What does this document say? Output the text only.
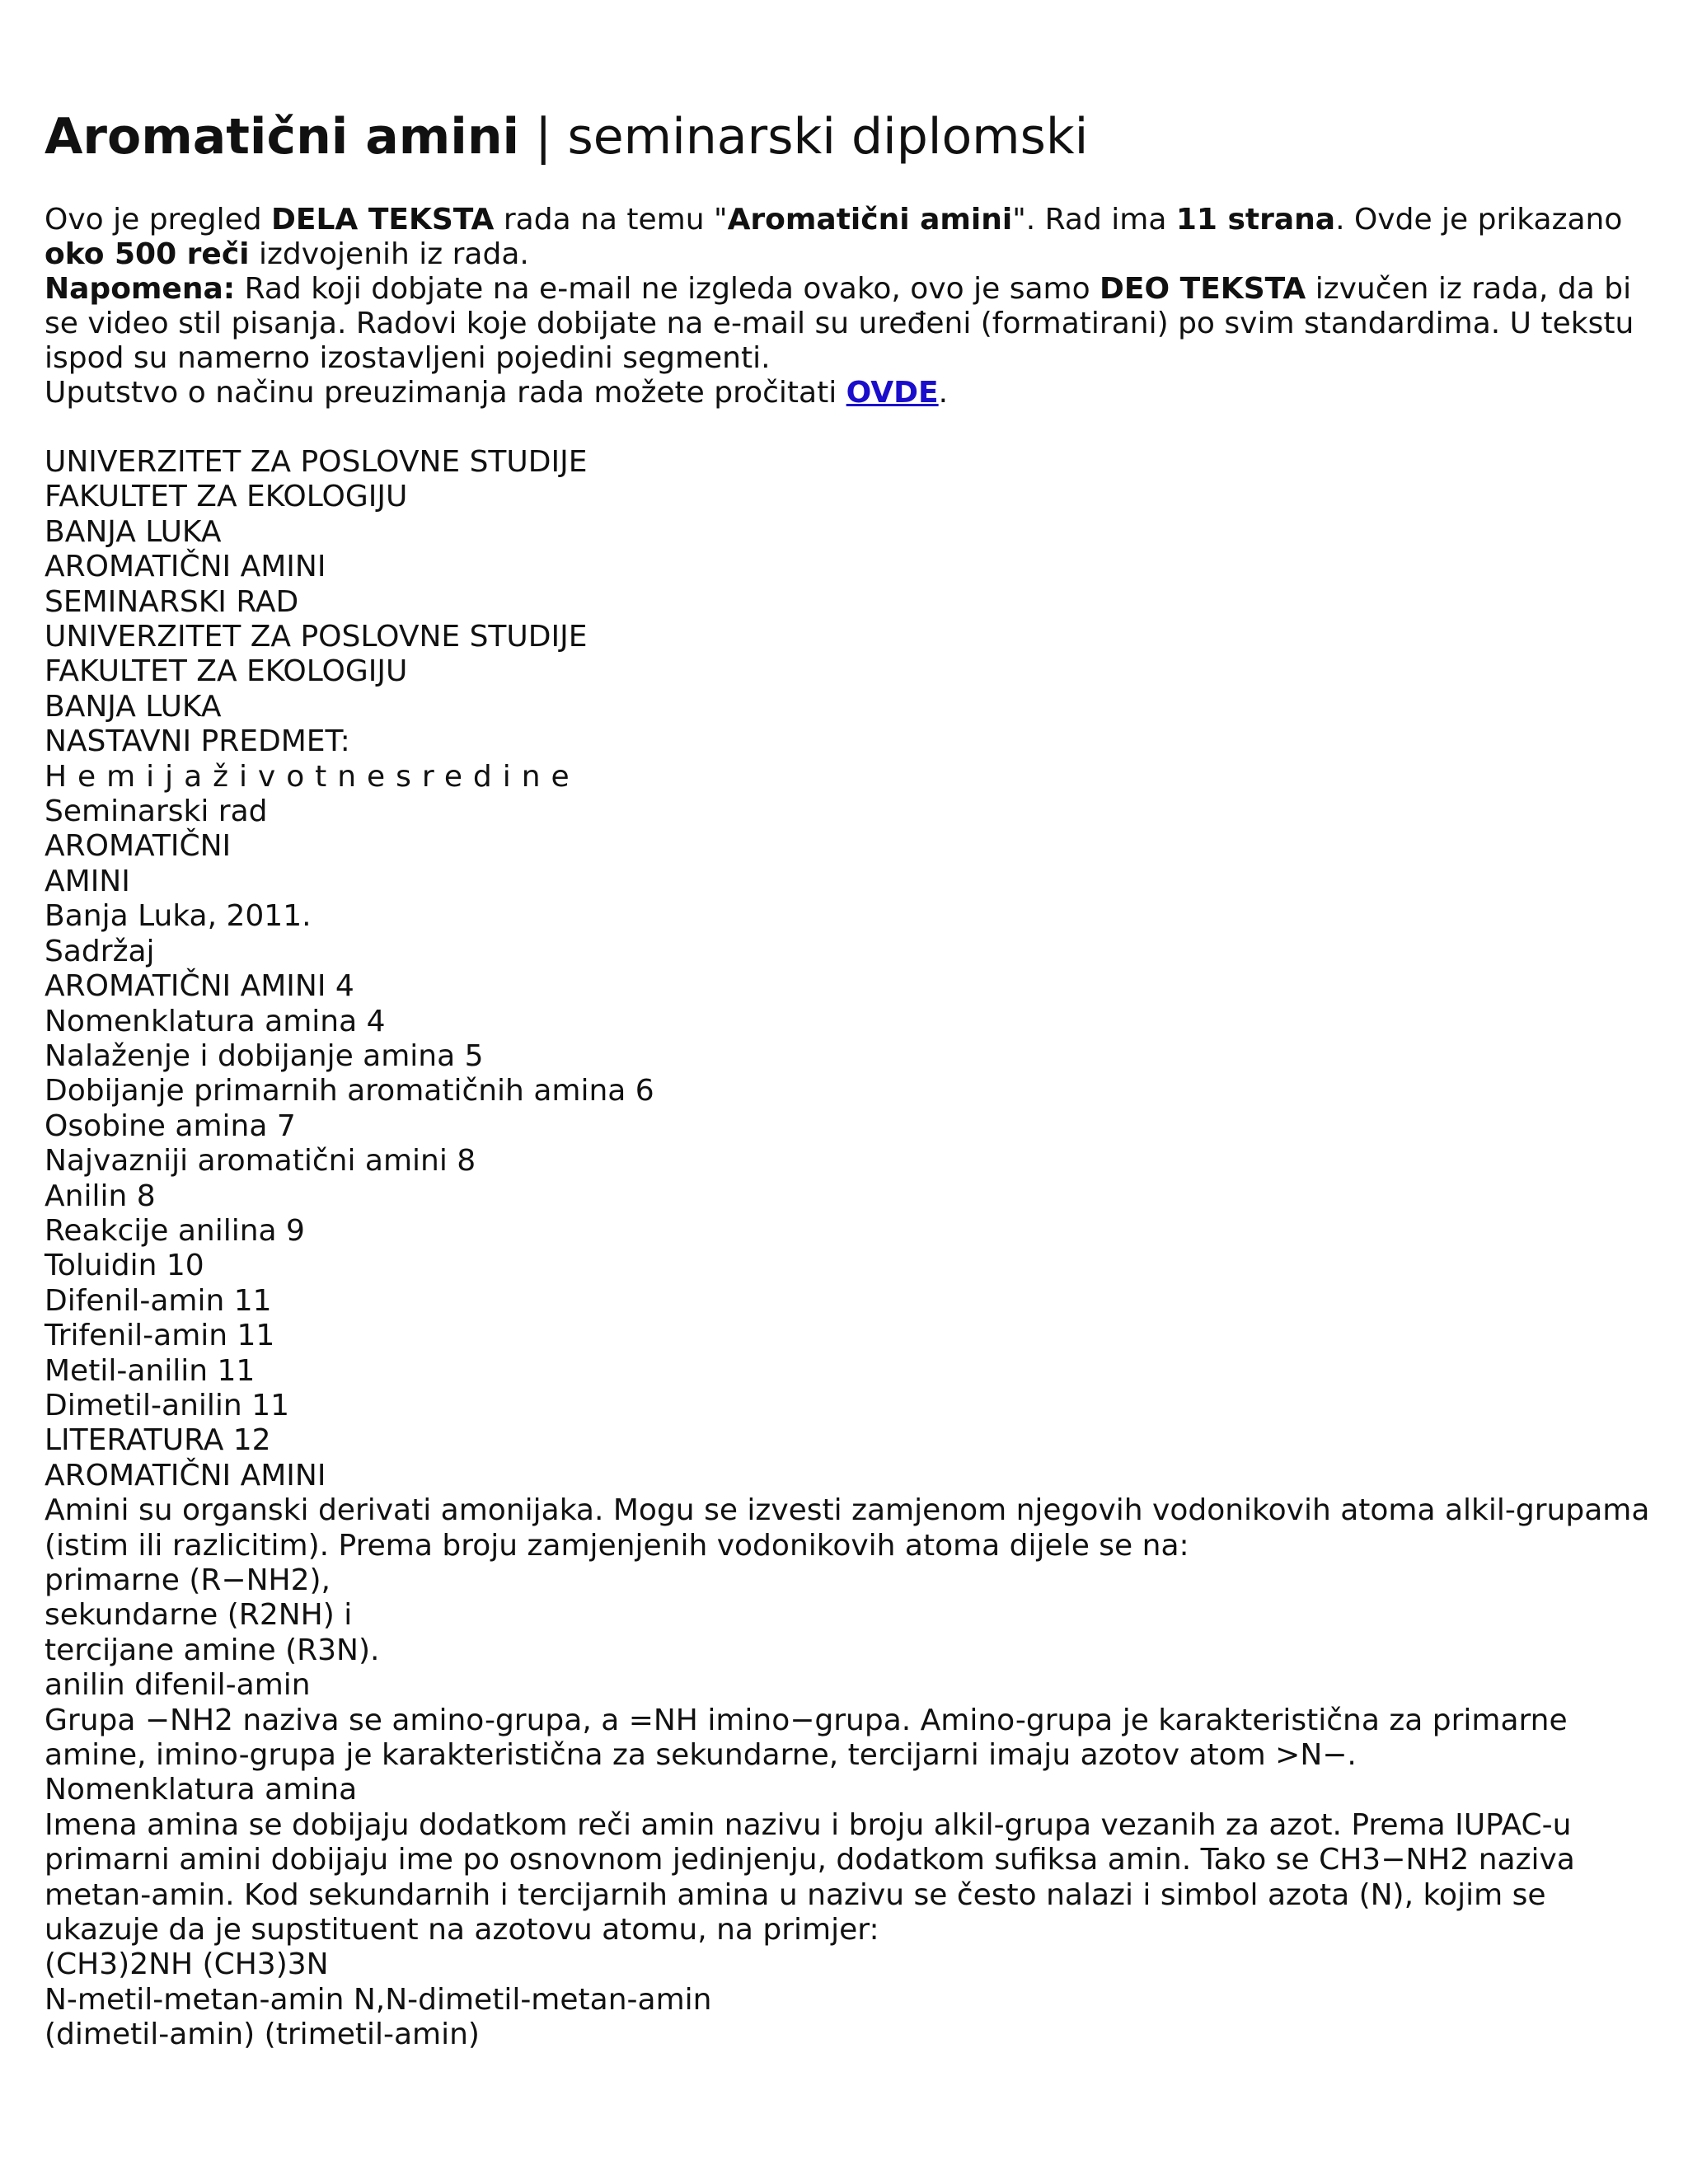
Aromatični amini | seminarski diplomski

Ovo je pregled DELA TEKSTA rada na temu "Aromatični amini". Rad ima 11 strana. Ovde je prikazano oko 500 reči izdvojenih iz rada.

Napomena: Rad koji dobjate na e-mail ne izgleda ovako, ovo je samo DEO TEKSTA izvučen iz rada, da bi se video stil pisanja. Radovi koje dobijate na e-mail su uređeni (formatirani) po svim standardima. U tekstu ispod su namerno izostavljeni pojedini segmenti.

Uputstvo o načinu preuzimanja rada možete pročitati OVDE.

UNIVERZITET ZA POSLOVNE STUDIJE
FAKULTET ZA EKOLOGIJU
BANJA LUKA
AROMATIČNI AMINI
SEMINARSKI RAD
UNIVERZITET ZA POSLOVNE STUDIJE
FAKULTET ZA EKOLOGIJU
BANJA LUKA
NASTAVNI PREDMET:
Hemijaživotnesredine
Seminarski rad
AROMATIČNI
AMINI
Banja Luka, 2011.
Sadržaj
AROMATIČNI AMINI 4
Nomenklatura amina 4
Nalaženje i dobijanje amina 5
Dobijanje primarnih aromatičnih amina 6
Osobine amina 7
Najvazniji aromatični amini 8
Anilin 8
Reakcije anilina 9
Toluidin 10
Difenil-amin 11
Trifenil-amin 11
Metil-anilin 11
Dimetil-anilin 11
LITERATURA 12
AROMATIČNI AMINI
Amini su organski derivati amonijaka. Mogu se izvesti zamjenom njegovih vodonikovih atoma alkil-grupama (istim ili razlicitim). Prema broju zamjenjenih vodonikovih atoma dijele se na:
primarne (R−NH2),
sekundarne (R2NH) i
tercijane amine (R3N).
anilin difenil-amin
Grupa −NH2 naziva se amino-grupa, a =NH imino−grupa. Amino-grupa je karakteristična za primarne amine, imino-grupa je karakteristična za sekundarne, tercijarni imaju azotov atom >N−.
Nomenklatura amina
Imena amina se dobijaju dodatkom reči amin nazivu i broju alkil-grupa vezanih za azot. Prema IUPAC-u primarni amini dobijaju ime po osnovnom jedinjenju, dodatkom sufiksa amin. Tako se CH3−NH2 naziva metan-amin. Kod sekundarnih i tercijarnih amina u nazivu se često nalazi i simbol azota (N), kojim se ukazuje da je supstituent na azotovu atomu, na primjer:
(CH3)2NH (CH3)3N
N-metil-metan-amin N,N-dimetil-metan-amin
(dimetil-amin) (trimetil-amin)
